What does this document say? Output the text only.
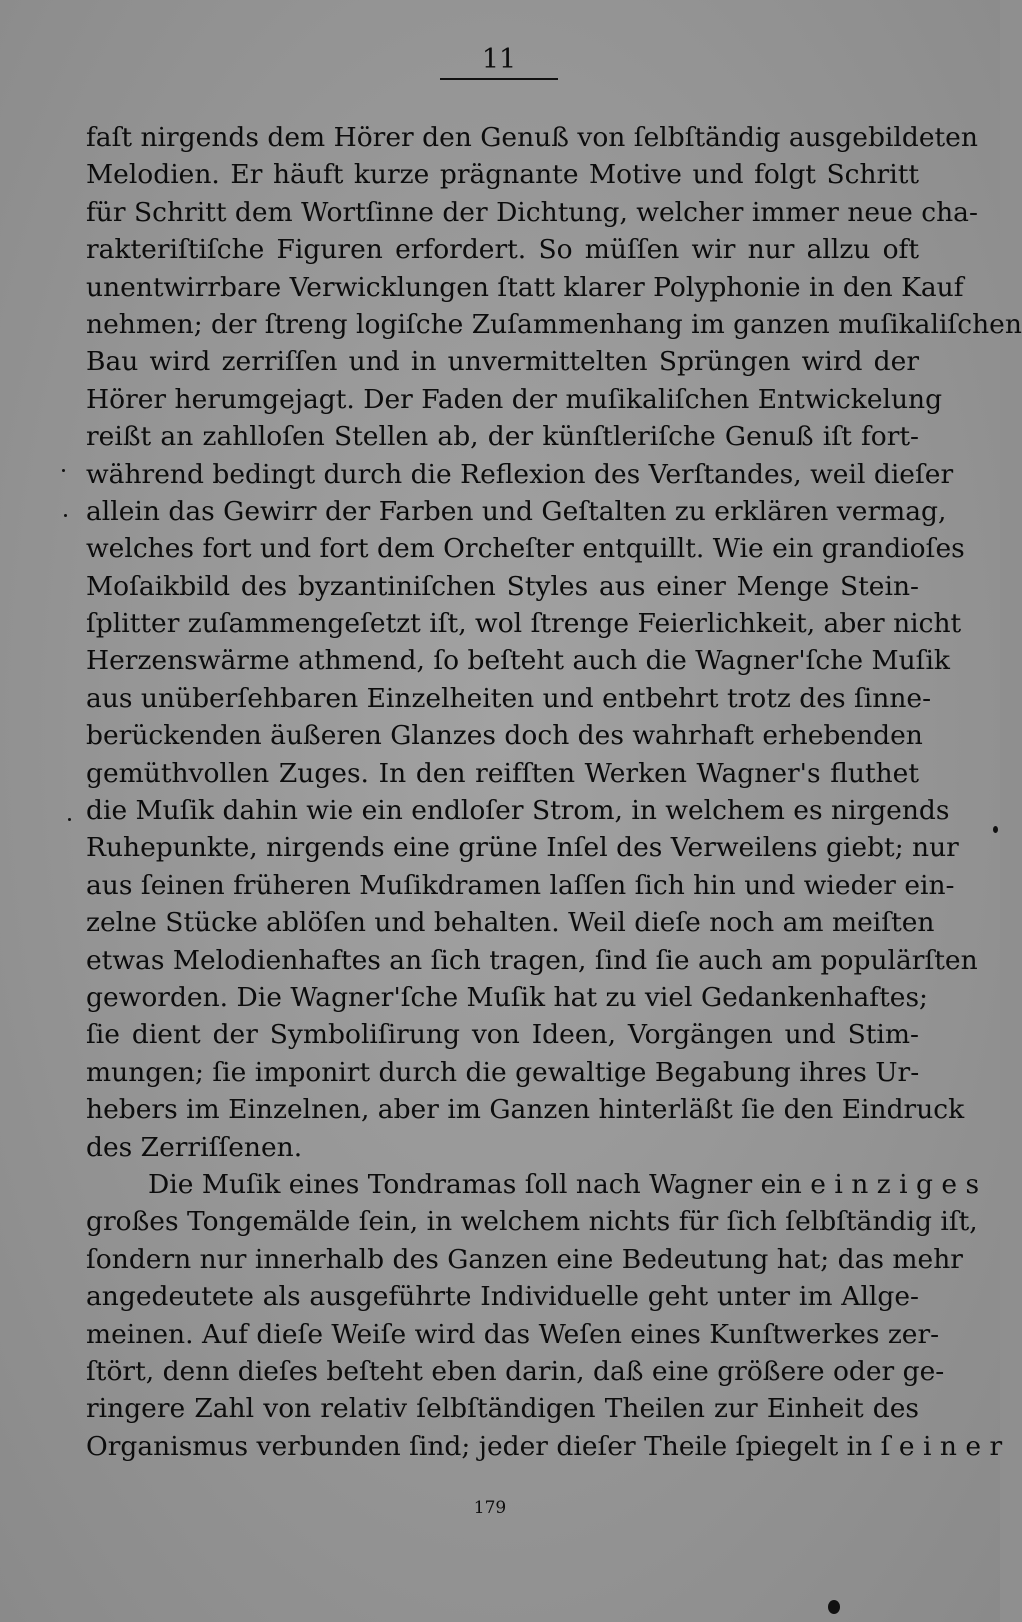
11
faſt nirgends dem Hörer den Genuß von ſelbſtändig ausgebildeten
Melodien. Er häuft kurze prägnante Motive und folgt Schritt
für Schritt dem Wortſinne der Dichtung, welcher immer neue cha-
rakteriſtiſche Figuren erfordert. So müſſen wir nur allzu oft
unentwirrbare Verwicklungen ſtatt klarer Polyphonie in den Kauf
nehmen; der ſtreng logiſche Zuſammenhang im ganzen muſikaliſchen
Bau wird zerriſſen und in unvermittelten Sprüngen wird der
Hörer herumgejagt. Der Faden der muſikaliſchen Entwickelung
reißt an zahlloſen Stellen ab, der künſtleriſche Genuß iſt fort-
während bedingt durch die Reflexion des Verſtandes, weil dieſer
allein das Gewirr der Farben und Geſtalten zu erklären vermag,
welches fort und fort dem Orcheſter entquillt. Wie ein grandioſes
Moſaikbild des byzantiniſchen Styles aus einer Menge Stein-
ſplitter zuſammengeſetzt iſt, wol ſtrenge Feierlichkeit, aber nicht
Herzenswärme athmend, ſo beſteht auch die Wagner'ſche Muſik
aus unüberſehbaren Einzelheiten und entbehrt trotz des ſinne-
berückenden äußeren Glanzes doch des wahrhaft erhebenden
gemüthvollen Zuges. In den reifſten Werken Wagner's fluthet
die Muſik dahin wie ein endloſer Strom, in welchem es nirgends
Ruhepunkte, nirgends eine grüne Inſel des Verweilens giebt; nur
aus ſeinen früheren Muſikdramen laſſen ſich hin und wieder ein-
zelne Stücke ablöſen und behalten. Weil dieſe noch am meiſten
etwas Melodienhaftes an ſich tragen, ſind ſie auch am populärſten
geworden. Die Wagner'ſche Muſik hat zu viel Gedankenhaftes;
ſie dient der Symboliſirung von Ideen, Vorgängen und Stim-
mungen; ſie imponirt durch die gewaltige Begabung ihres Ur-
hebers im Einzelnen, aber im Ganzen hinterläßt ſie den Eindruck
des Zerriſſenen.
Die Muſik eines Tondramas ſoll nach Wagner ein e i n z i g e s
großes Tongemälde ſein, in welchem nichts für ſich ſelbſtändig iſt,
ſondern nur innerhalb des Ganzen eine Bedeutung hat; das mehr
angedeutete als ausgeführte Individuelle geht unter im Allge-
meinen. Auf dieſe Weiſe wird das Weſen eines Kunſtwerkes zer-
ſtört, denn dieſes beſteht eben darin, daß eine größere oder ge-
ringere Zahl von relativ ſelbſtändigen Theilen zur Einheit des
Organismus verbunden ſind; jeder dieſer Theile ſpiegelt in ſ e i n e r
179
